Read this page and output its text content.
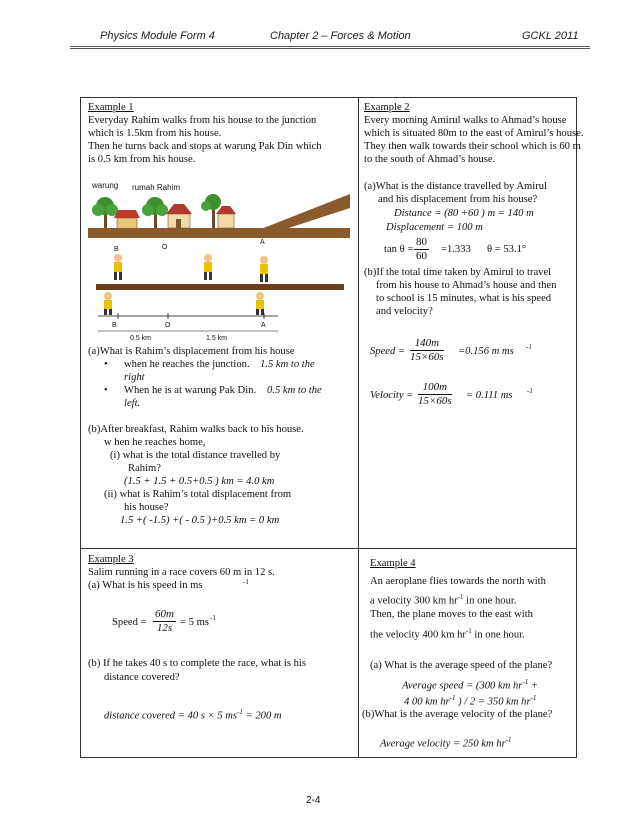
Physics Module Form 4	Chapter 2 – Forces & Motion	GCKL 2011
Example 1
Everyday Rahim walks from his house to the junction
which is 1.5km from his house.
Then he turns back and stops at warung Pak Din which
is 0.5 km from his house.
warung rumah Rahim
B	O
A
B	O	A
0.5 km	1.5 km
(a)What is Rahim’s displacement from his house
• when he reaches the junction. 1.5 km to the
right
• When he is at warung Pak Din. 0.5 km to the
left.
(b)After breakfast, Rahim walks back to his house.
w hen he reaches home,
(i) what is the total distance travelled by
Rahim?
(1.5 + 1.5 + 0.5+0.5 ) km = 4.0 km
(ii) what is Rahim’s total displacement from
his house?
1.5 +( -1.5) +( - 0.5 )+0.5 km = 0 km
Example 2
Every morning Amirul walks to Ahmad’s house
which is situated 80m to the east of Amirul’s house.
They then walk towards their school which is 60 m
to the south of Ahmad’s house.
(a)What is the distance travelled by Amirul
and his displacement from his house?
Distance = (80 +60 ) m = 140 m
Displacement = 100 m
$\tan \theta = \frac{80}{60} =1.333$ θ = 53.1°
(b)If the total time taken by Amirul to travel
from his house to Ahmad’s house and then
to school is 15 minutes, what is his speed
and velocity?
Speed = $\frac{140m}{15\times 60s} =0.156$ m ms -1
Velocity = $\frac{100m}{15\times 60s} = 0.111$ ms -1
Example 3
Salim running in a race covers 60 m in 12 s.
(a) What is his speed in ms	-1
Speed = $\frac{60m}{12s} = 5$ ms -1
(b) If he takes 40 s to complete the race, what is his
distance covered?
distance covered = 40 s × 5 $ms^{-1} = 200$ m
Example 4
An aeroplane flies towards the north with
a velocity 300 km $hr^{-1}$ in one hour.
Then, the plane moves to the east with
the velocity 400 km $hr^{-1}$ in one hour.
(a) What is the average speed of the plane?
Average speed = (300 km $hr^{-1}$ +
4 00 km $hr^{-1}$ ) / 2 = 350 km $hr^{-1}$
(b)What is the average velocity of the plane?
Average velocity = 250 km $hr^{-1}$
2-4
